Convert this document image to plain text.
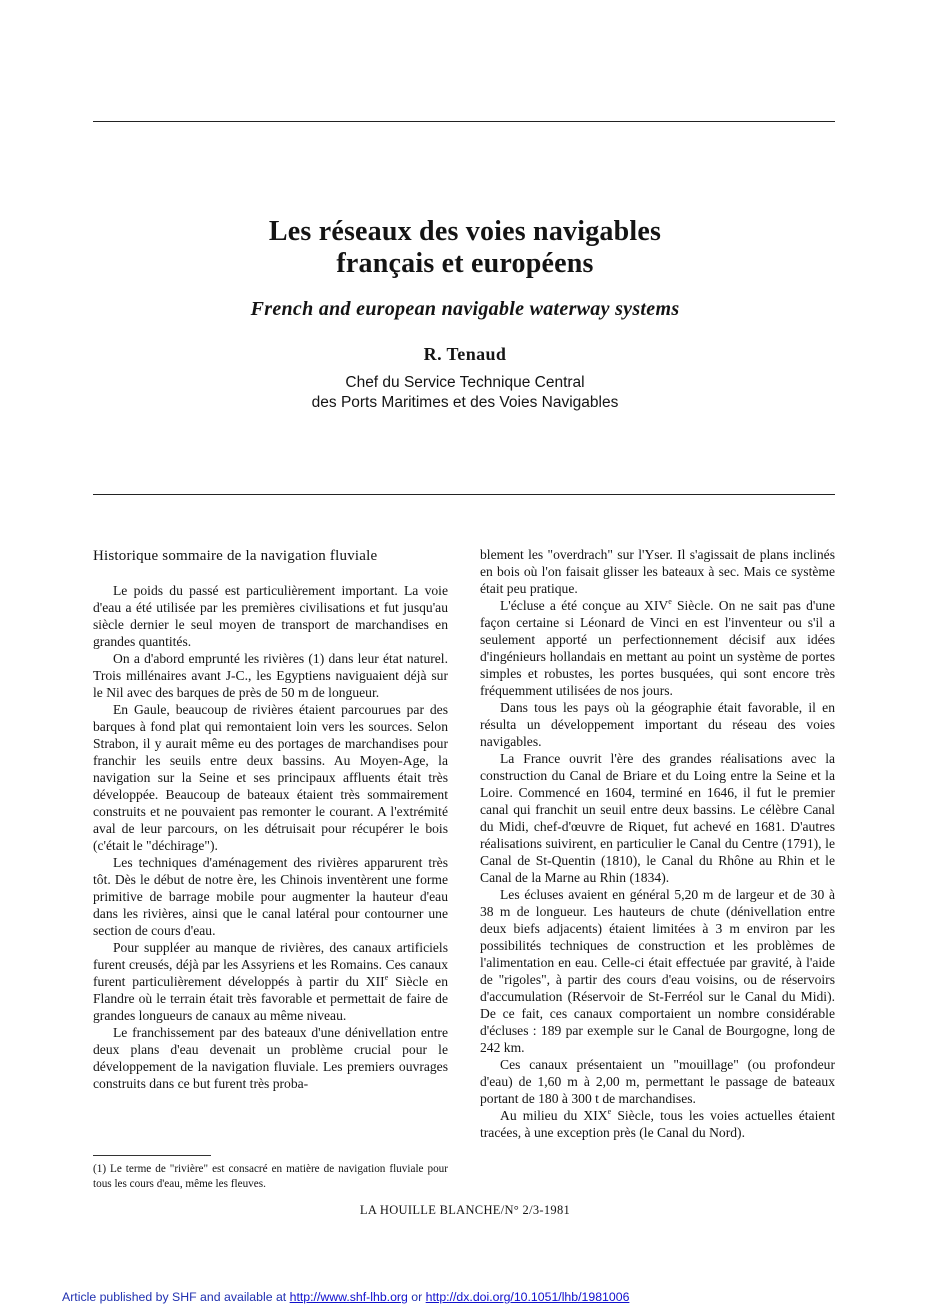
Les réseaux des voies navigables
français et européens
French and european navigable waterway systems
R. Tenaud
Chef du Service Technique Central
des Ports Maritimes et des Voies Navigables
Historique sommaire de la navigation fluviale

Le poids du passé est particulièrement important. La voie d'eau a été utilisée par les premières civilisations et fut jusqu'au siècle dernier le seul moyen de transport de marchandises en grandes quantités.

On a d'abord emprunté les rivières (1) dans leur état naturel. Trois millénaires avant J-C., les Egyptiens naviguaient déjà sur le Nil avec des barques de près de 50 m de longueur.

En Gaule, beaucoup de rivières étaient parcourues par des barques à fond plat qui remontaient loin vers les sources. Selon Strabon, il y aurait même eu des portages de marchandises pour franchir les seuils entre deux bassins. Au Moyen-Age, la navigation sur la Seine et ses principaux affluents était très développée. Beaucoup de bateaux étaient très sommairement construits et ne pouvaient pas remonter le courant. A l'extrémité aval de leur parcours, on les détruisait pour récupérer le bois (c'était le "déchirage").

Les techniques d'aménagement des rivières apparurent très tôt. Dès le début de notre ère, les Chinois inventèrent une forme primitive de barrage mobile pour augmenter la hauteur d'eau dans les rivières, ainsi que le canal latéral pour contourner une section de cours d'eau.

Pour suppléer au manque de rivières, des canaux artificiels furent creusés, déjà par les Assyriens et les Romains. Ces canaux furent particulièrement développés à partir du XIIe Siècle en Flandre où le terrain était très favorable et permettait de faire de grandes longueurs de canaux au même niveau.

Le franchissement par des bateaux d'une dénivellation entre deux plans d'eau devenait un problème crucial pour le développement de la navigation fluviale. Les premiers ouvrages construits dans ce but furent très proba-

blement les "overdrach" sur l'Yser. Il s'agissait de plans inclinés en bois où l'on faisait glisser les bateaux à sec. Mais ce système était peu pratique.

L'écluse a été conçue au XIVe Siècle. On ne sait pas d'une façon certaine si Léonard de Vinci en est l'inventeur ou s'il a seulement apporté un perfectionnement décisif aux idées d'ingénieurs hollandais en mettant au point un système de portes simples et robustes, les portes busquées, qui sont encore très fréquemment utilisées de nos jours.

Dans tous les pays où la géographie était favorable, il en résulta un développement important du réseau des voies navigables.

La France ouvrit l'ère des grandes réalisations avec la construction du Canal de Briare et du Loing entre la Seine et la Loire. Commencé en 1604, terminé en 1646, il fut le premier canal qui franchit un seuil entre deux bassins. Le célèbre Canal du Midi, chef-d'œuvre de Riquet, fut achevé en 1681. D'autres réalisations suivirent, en particulier le Canal du Centre (1791), le Canal de St-Quentin (1810), le Canal du Rhône au Rhin et le Canal de la Marne au Rhin (1834).

Les écluses avaient en général 5,20 m de largeur et de 30 à 38 m de longueur. Les hauteurs de chute (dénivellation entre deux biefs adjacents) étaient limitées à 3 m environ par les possibilités techniques de construction et les problèmes de l'alimentation en eau. Celle-ci était effectuée par gravité, à l'aide de "rigoles", à partir des cours d'eau voisins, ou de réservoirs d'accumulation (Réservoir de St-Ferréol sur le Canal du Midi). De ce fait, ces canaux comportaient un nombre considérable d'écluses : 189 par exemple sur le Canal de Bourgogne, long de 242 km.

Ces canaux présentaient un "mouillage" (ou profondeur d'eau) de 1,60 m à 2,00 m, permettant le passage de bateaux portant de 180 à 300 t de marchandises.

Au milieu du XIXe Siècle, tous les voies actuelles étaient tracées, à une exception près (le Canal du Nord).

(1) Le terme de "rivière" est consacré en matière de navigation fluviale pour tous les cours d'eau, même les fleuves.
LA HOUILLE BLANCHE/N° 2/3-1981
Article published by SHF and available at http://www.shf-lhb.org or http://dx.doi.org/10.1051/lhb/1981006
